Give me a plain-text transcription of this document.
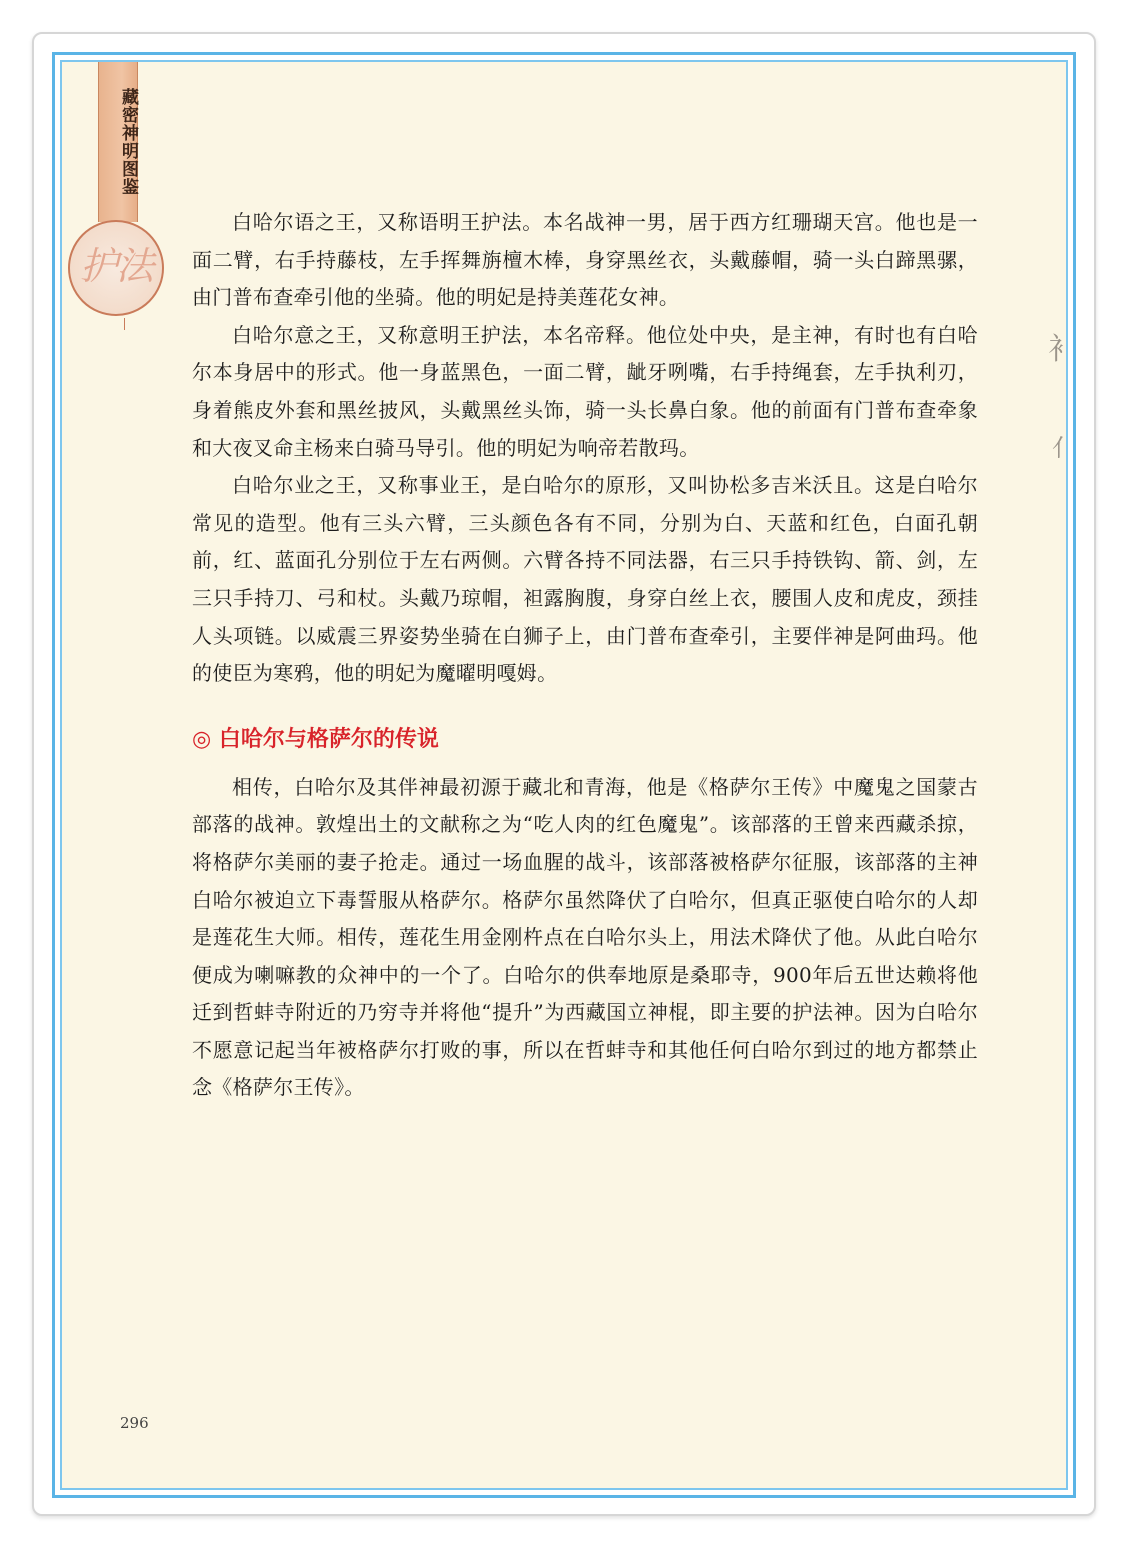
藏密神明图鉴
护法
衤
亻

白哈尔语之王，又称语明王护法。本名战神一男，居于西方红珊瑚天宫。他也是一面二臂，右手持藤枝，左手挥舞旃檀木棒，身穿黑丝衣，头戴藤帽，骑一头白蹄黑骡，由门普布查牵引他的坐骑。他的明妃是持美莲花女神。

白哈尔意之王，又称意明王护法，本名帝释。他位处中央，是主神，有时也有白哈尔本身居中的形式。他一身蓝黑色，一面二臂，龇牙咧嘴，右手持绳套，左手执利刃，身着熊皮外套和黑丝披风，头戴黑丝头饰，骑一头长鼻白象。他的前面有门普布查牵象和大夜叉命主杨来白骑马导引。他的明妃为响帝若散玛。

白哈尔业之王，又称事业王，是白哈尔的原形，又叫协松多吉米沃且。这是白哈尔常见的造型。他有三头六臂，三头颜色各有不同，分别为白、天蓝和红色，白面孔朝前，红、蓝面孔分别位于左右两侧。六臂各持不同法器，右三只手持铁钩、箭、剑，左三只手持刀、弓和杖。头戴乃琼帽，袒露胸腹，身穿白丝上衣，腰围人皮和虎皮，颈挂人头项链。以威震三界姿势坐骑在白狮子上，由门普布查牵引，主要伴神是阿曲玛。他的使臣为寒鸦，他的明妃为魔曜明嘎姆。

◎ 白哈尔与格萨尔的传说

相传，白哈尔及其伴神最初源于藏北和青海，他是《格萨尔王传》中魔鬼之国蒙古部落的战神。敦煌出土的文献称之为“吃人肉的红色魔鬼”。该部落的王曾来西藏杀掠，将格萨尔美丽的妻子抢走。通过一场血腥的战斗，该部落被格萨尔征服，该部落的主神白哈尔被迫立下毒誓服从格萨尔。格萨尔虽然降伏了白哈尔，但真正驱使白哈尔的人却是莲花生大师。相传，莲花生用金刚杵点在白哈尔头上，用法术降伏了他。从此白哈尔便成为喇嘛教的众神中的一个了。白哈尔的供奉地原是桑耶寺，900年后五世达赖将他迁到哲蚌寺附近的乃穷寺并将他“提升”为西藏国立神棍，即主要的护法神。因为白哈尔不愿意记起当年被格萨尔打败的事，所以在哲蚌寺和其他任何白哈尔到过的地方都禁止念《格萨尔王传》。

296
